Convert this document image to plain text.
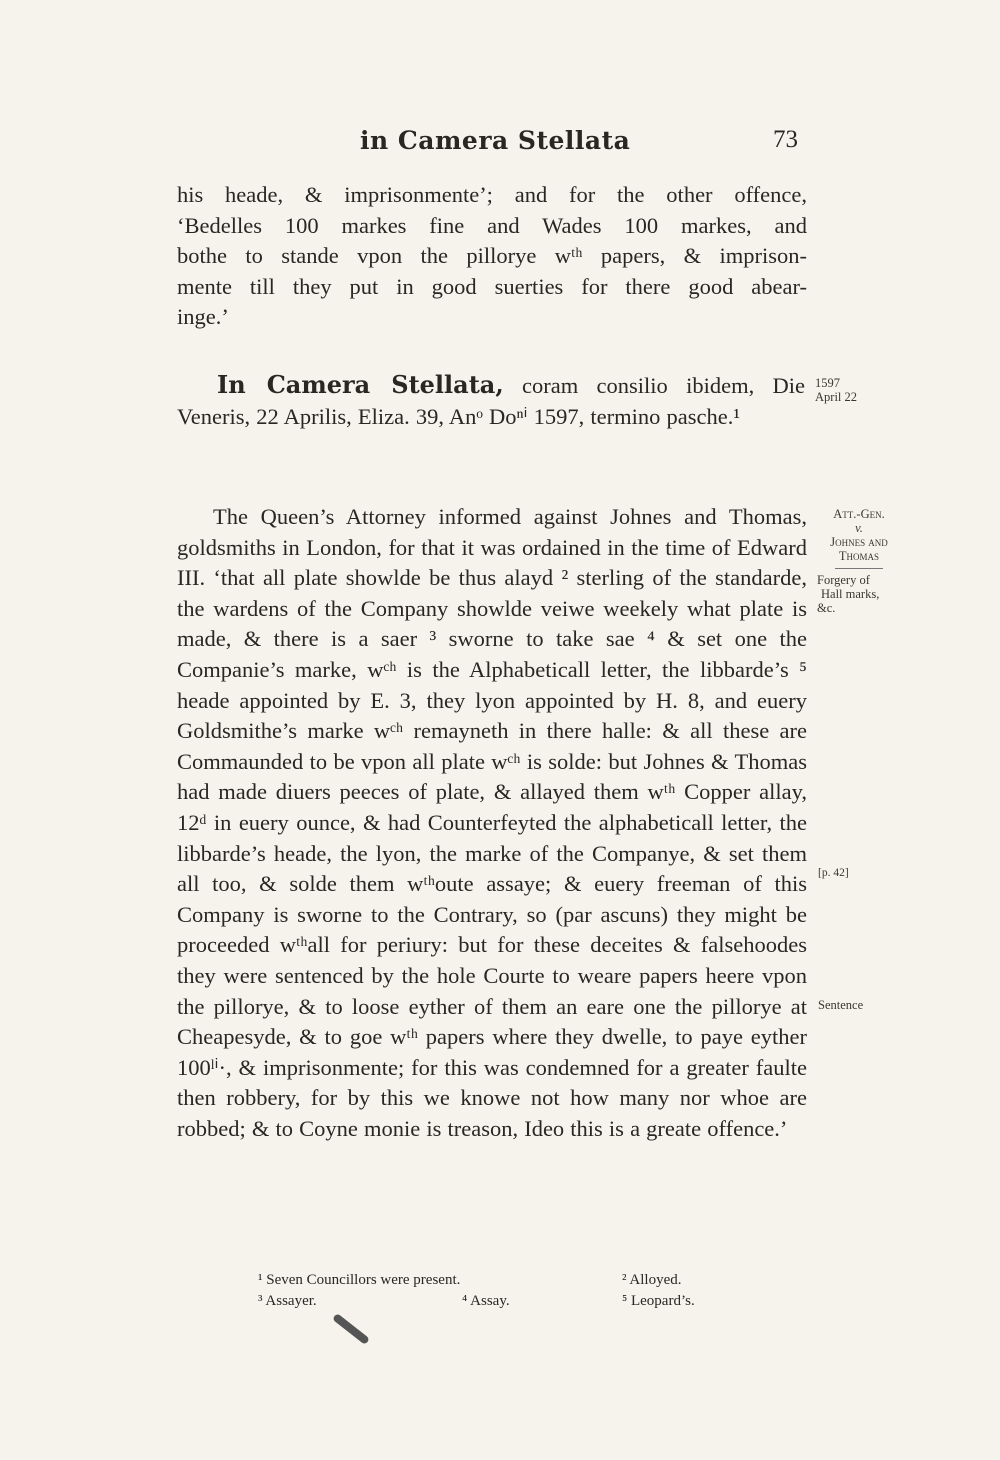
in Camera Stellata	73
his heade, & imprisonmente’; and for the other offence,
‘Bedelles 100 markes fine and Wades 100 markes, and
bothe to stande vpon the pillorye wᵗʰ papers, & imprison-
mente till they put in good suerties for there good abear-
inge.’
In Camera Stellata, coram consilio ibidem, Die Veneris, 22 Aprilis, Eliza. 39, Anᵒ Doⁿⁱ 1597, termino pasche.¹
The Queen’s Attorney informed against Johnes and Thomas, goldsmiths in London, for that it was ordained in the time of Edward III. ‘that all plate showlde be thus alayd ² sterling of the standarde, the wardens of the Company showlde veiwe weekely what plate is made, & there is a saer ³ sworne to take sae ⁴ & set one the Companie’s marke, wᶜʰ is the Alphabeticall letter, the libbarde’s ⁵ heade appointed by E. 3, they lyon appointed by H. 8, and euery Goldsmithe’s marke wᶜʰ remayneth in there halle: & all these are Commaunded to be vpon all plate wᶜʰ is solde: but Johnes & Thomas had made diuers peeces of plate, & allayed them wᵗʰ Copper allay, 12ᵈ in euery ounce, & had Counterfeyted the alphabeticall letter, the libbarde’s heade, the lyon, the marke of the Companye, & set them all too, & solde them wᵗʰoute assaye; & euery freeman of this Company is sworne to the Contrary, so (par ascuns) they might be proceeded wᵗʰall for periury: but for these deceites & falsehoodes they were sentenced by the hole Courte to weare papers heere vpon the pillorye, & to loose eyther of them an eare one the pillorye at Cheapesyde, & to goe wᵗʰ papers where they dwelle, to paye eyther 100ˡⁱ·, & imprisonmente; for this was condemned for a greater faulte then robbery, for by this we knowe not how many nor whoe are robbed; & to Coyne monie is treason, Ideo this is a greate offence.’
1597
April 22
Att.-Gen.
v.
Johnes and
Thomas
Forgery of
Hall marks,
&c.
[p. 42]
Sentence
¹ Seven Councillors were present.	² Alloyed.
³ Assayer.	⁴ Assay.	⁵ Leopard’s.
